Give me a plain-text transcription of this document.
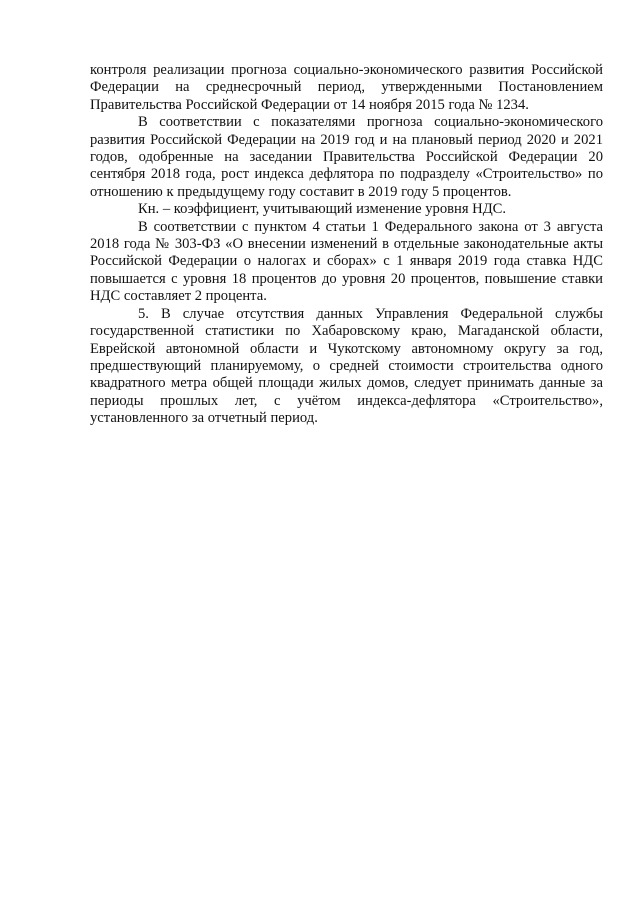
контроля реализации прогноза социально-экономического развития Российской Федерации на среднесрочный период, утвержденными Постановлением Правительства Российской Федерации от 14 ноября 2015 года № 1234.

В соответствии с показателями прогноза социально-экономического развития Российской Федерации на 2019 год и на плановый период 2020 и 2021 годов, одобренные на заседании Правительства Российской Федерации 20 сентября 2018 года, рост индекса дефлятора по подразделу «Строительство» по отношению к предыдущему году составит в 2019 году 5 процентов.

Кн. – коэффициент, учитывающий изменение уровня НДС.

В соответствии с пунктом 4 статьи 1 Федерального закона от 3 августа 2018 года № 303-ФЗ «О внесении изменений в отдельные законодательные акты Российской Федерации о налогах и сборах» с 1 января 2019 года ставка НДС повышается с уровня 18 процентов до уровня 20 процентов, повышение ставки НДС составляет 2 процента.

5. В случае отсутствия данных Управления Федеральной службы государственной статистики по Хабаровскому краю, Магаданской области, Еврейской автономной области и Чукотскому автономному округу за год, предшествующий планируемому, о средней стоимости строительства одного квадратного метра общей площади жилых домов, следует принимать данные за периоды прошлых лет, с учётом индекса-дефлятора «Строительство», установленного за отчетный период.
